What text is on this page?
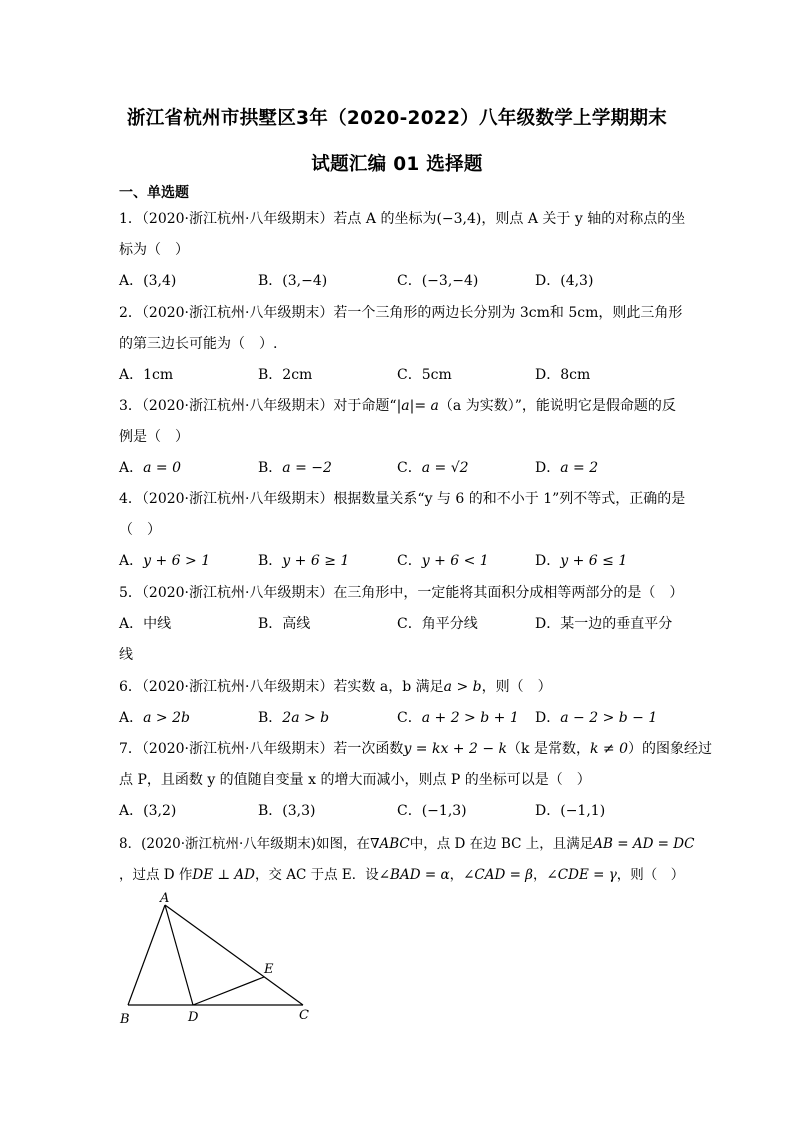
浙江省杭州市拱墅区3年（2020-2022）八年级数学上学期期末
试题汇编 01 选择题
一、单选题
1．（2020·浙江杭州·八年级期末）若点 A 的坐标为(−3,4)，则点 A 关于 y 轴的对称点的坐
标为（　）
A．(3,4)	B．(3,−4)	C．(−3,−4)	D．(4,3)
2．（2020·浙江杭州·八年级期末）若一个三角形的两边长分别为 3cm和 5cm，则此三角形
的第三边长可能为（　）.
A．1cm	B．2cm	C．5cm	D．8cm
3．（2020·浙江杭州·八年级期末）对于命题“|a|= a（a 为实数）”，能说明它是假命题的反
例是（　）
A．a = 0	B．a = −2	C．a = √2	D．a = 2
4．（2020·浙江杭州·八年级期末）根据数量关系“y 与 6 的和不小于 1”列不等式，正确的是
（　）
A．y + 6 > 1	B．y + 6 ≥ 1	C．y + 6 < 1	D．y + 6 ≤ 1
5．（2020·浙江杭州·八年级期末）在三角形中，一定能将其面积分成相等两部分的是（　）
A．中线	B．高线	C．角平分线	D．某一边的垂直平分
线
6．（2020·浙江杭州·八年级期末）若实数 a，b 满足a > b，则（　）
A．a > 2b	B．2a > b	C．a + 2 > b + 1 D．a − 2 > b − 1
7．（2020·浙江杭州·八年级期末）若一次函数y = kx + 2 − k（k 是常数，k ≠ 0）的图象经过
点 P，且函数 y 的值随自变量 x 的增大而减小，则点 P 的坐标可以是（　）
A．(3,2)	B．(3,3)	C．(−1,3)	D．(−1,1)
8．(2020·浙江杭州·八年级期末)如图，在∇ABC中，点 D 在边 BC 上，且满足AB = AD = DC
，过点 D 作DE ⊥ AD，交 AC 于点 E．设∠BAD = α，∠CAD = β，∠CDE = γ，则（　）
A
B	C
D
E
